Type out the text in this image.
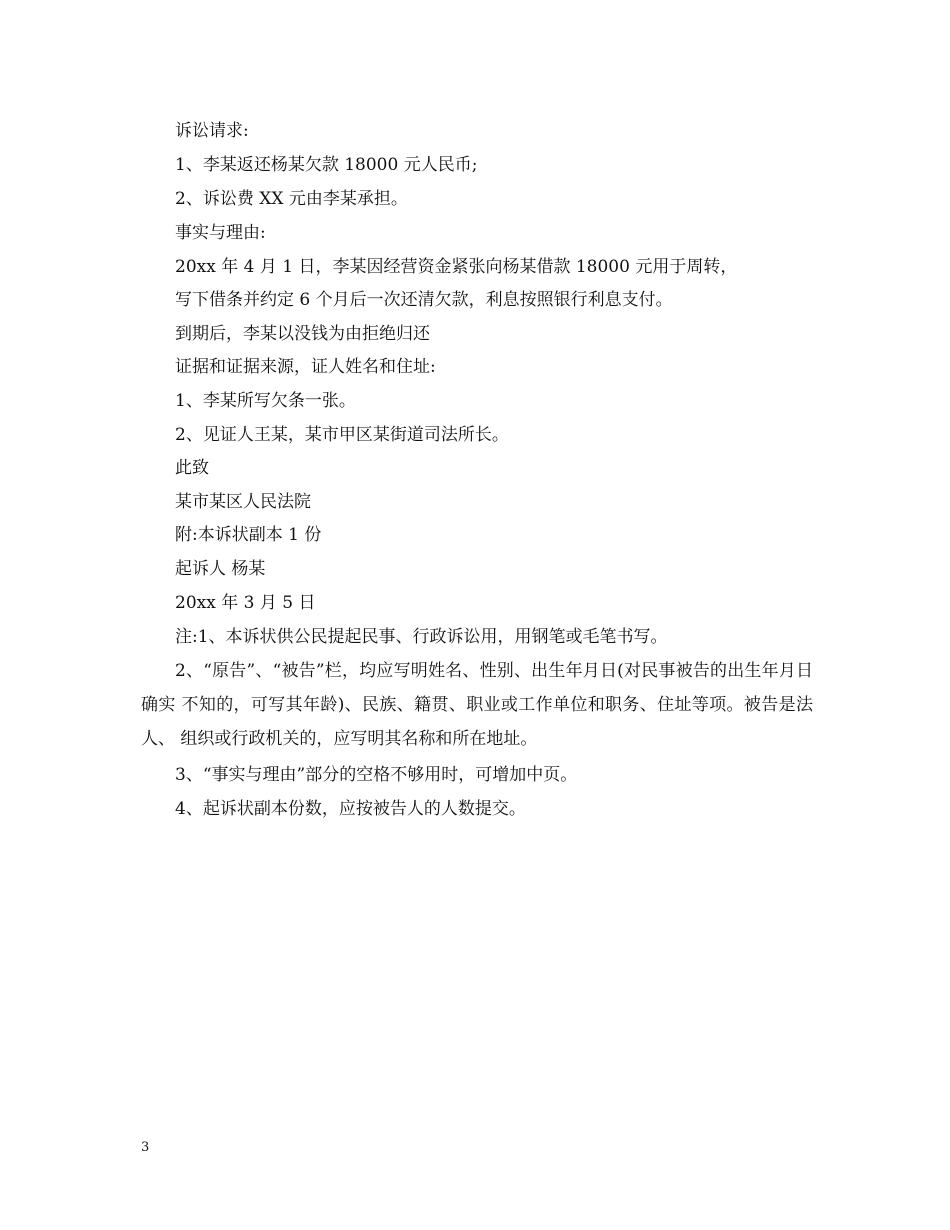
诉讼请求:
1、李某返还杨某欠款 18000 元人民币;
2、诉讼费 XX 元由李某承担。
事实与理由:
20xx 年 4 月 1 日，李某因经营资金紧张向杨某借款 18000 元用于周转，
写下借条并约定 6 个月后一次还清欠款，利息按照银行利息支付。
到期后，李某以没钱为由拒绝归还
证据和证据来源，证人姓名和住址:
1、李某所写欠条一张。
2、见证人王某，某市甲区某街道司法所长。
此致
某市某区人民法院
附:本诉状副本 1 份
起诉人 杨某
20xx 年 3 月 5 日
注:1、本诉状供公民提起民事、行政诉讼用，用钢笔或毛笔书写。
2、“原告”、“被告”栏，均应写明姓名、性别、出生年月日(对民事被告的出生年月日确实 不知的，可写其年龄)、民族、籍贯、职业或工作单位和职务、住址等项。被告是法人、 组织或行政机关的，应写明其名称和所在地址。
3、“事实与理由”部分的空格不够用时，可增加中页。
4、起诉状副本份数，应按被告人的人数提交。
3
